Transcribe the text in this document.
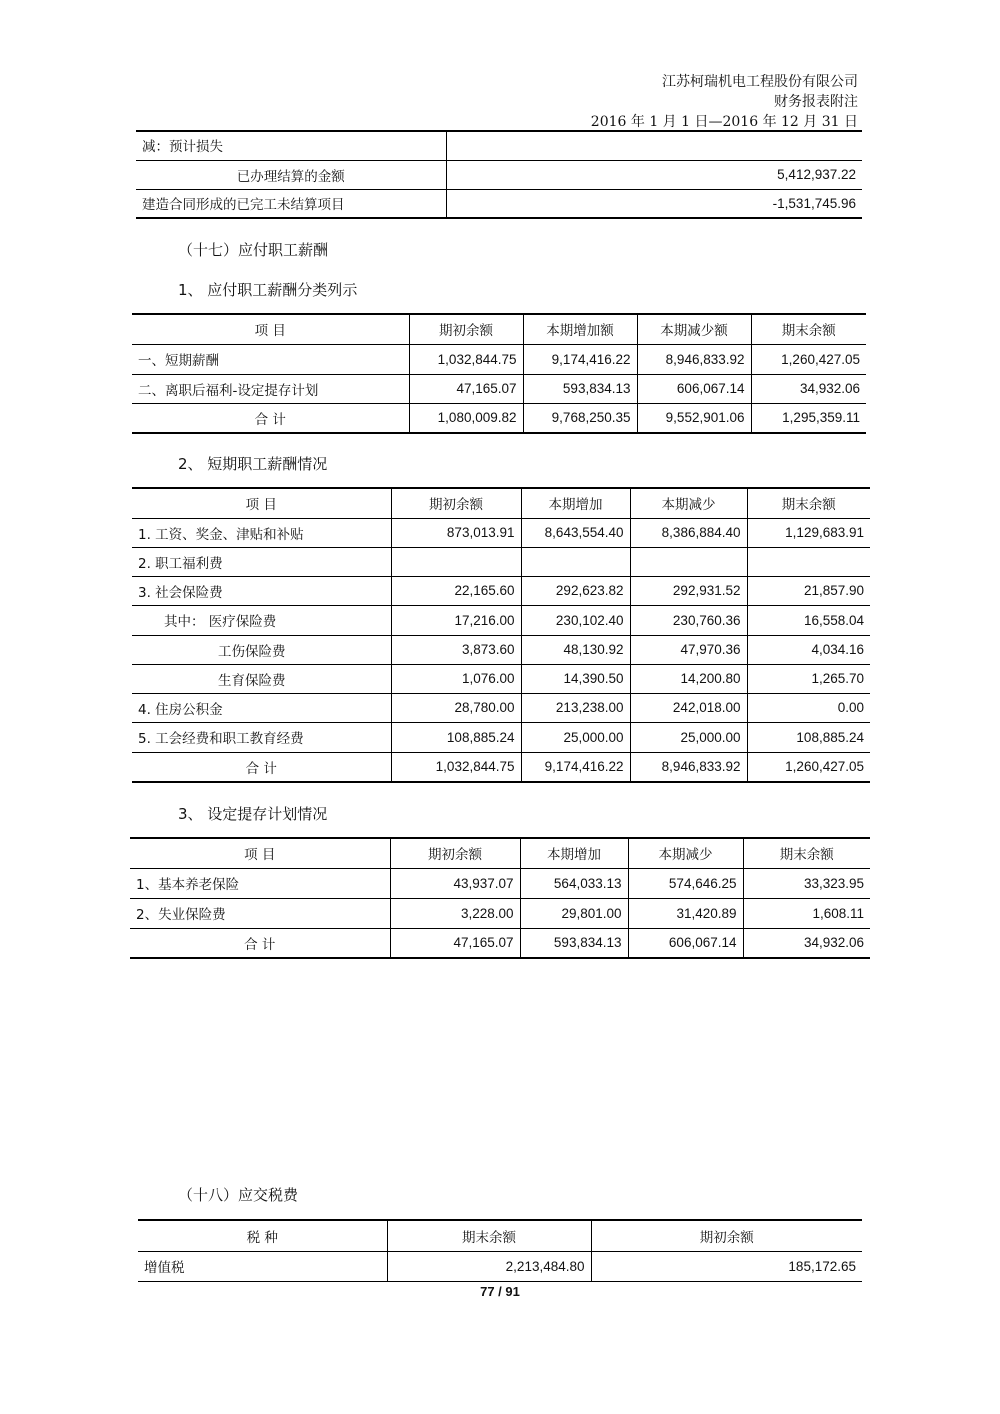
江苏柯瑞机电工程股份有限公司
财务报表附注
2016 年 1 月 1 日—2016 年 12 月 31 日
减：预计损失	
已办理结算的金额	5,412,937.22
建造合同形成的已完工未结算项目	-1,531,745.96
（十七）应付职工薪酬
1、 应付职工薪酬分类列示
项 目	期初余额	本期增加额	本期减少额	期末余额
一、短期薪酬	1,032,844.75	9,174,416.22	8,946,833.92	1,260,427.05
二、离职后福利-设定提存计划	47,165.07	593,834.13	606,067.14	34,932.06
合 计	1,080,009.82	9,768,250.35	9,552,901.06	1,295,359.11
2、 短期职工薪酬情况
项 目	期初余额	本期增加	本期减少	期末余额
1. 工资、奖金、津贴和补贴	873,013.91	8,643,554.40	8,386,884.40	1,129,683.91
2. 职工福利费				
3. 社会保险费	22,165.60	292,623.82	292,931.52	21,857.90
其中： 医疗保险费	17,216.00	230,102.40	230,760.36	16,558.04
工伤保险费	3,873.60	48,130.92	47,970.36	4,034.16
生育保险费	1,076.00	14,390.50	14,200.80	1,265.70
4. 住房公积金	28,780.00	213,238.00	242,018.00	0.00
5. 工会经费和职工教育经费	108,885.24	25,000.00	25,000.00	108,885.24
合 计	1,032,844.75	9,174,416.22	8,946,833.92	1,260,427.05
3、 设定提存计划情况
项 目	期初余额	本期增加	本期减少	期末余额
1、基本养老保险	43,937.07	564,033.13	574,646.25	33,323.95
2、失业保险费	3,228.00	29,801.00	31,420.89	1,608.11
合 计	47,165.07	593,834.13	606,067.14	34,932.06
（十八）应交税费
税 种	期末余额	期初余额
增值税	2,213,484.80	185,172.65
77 / 91
